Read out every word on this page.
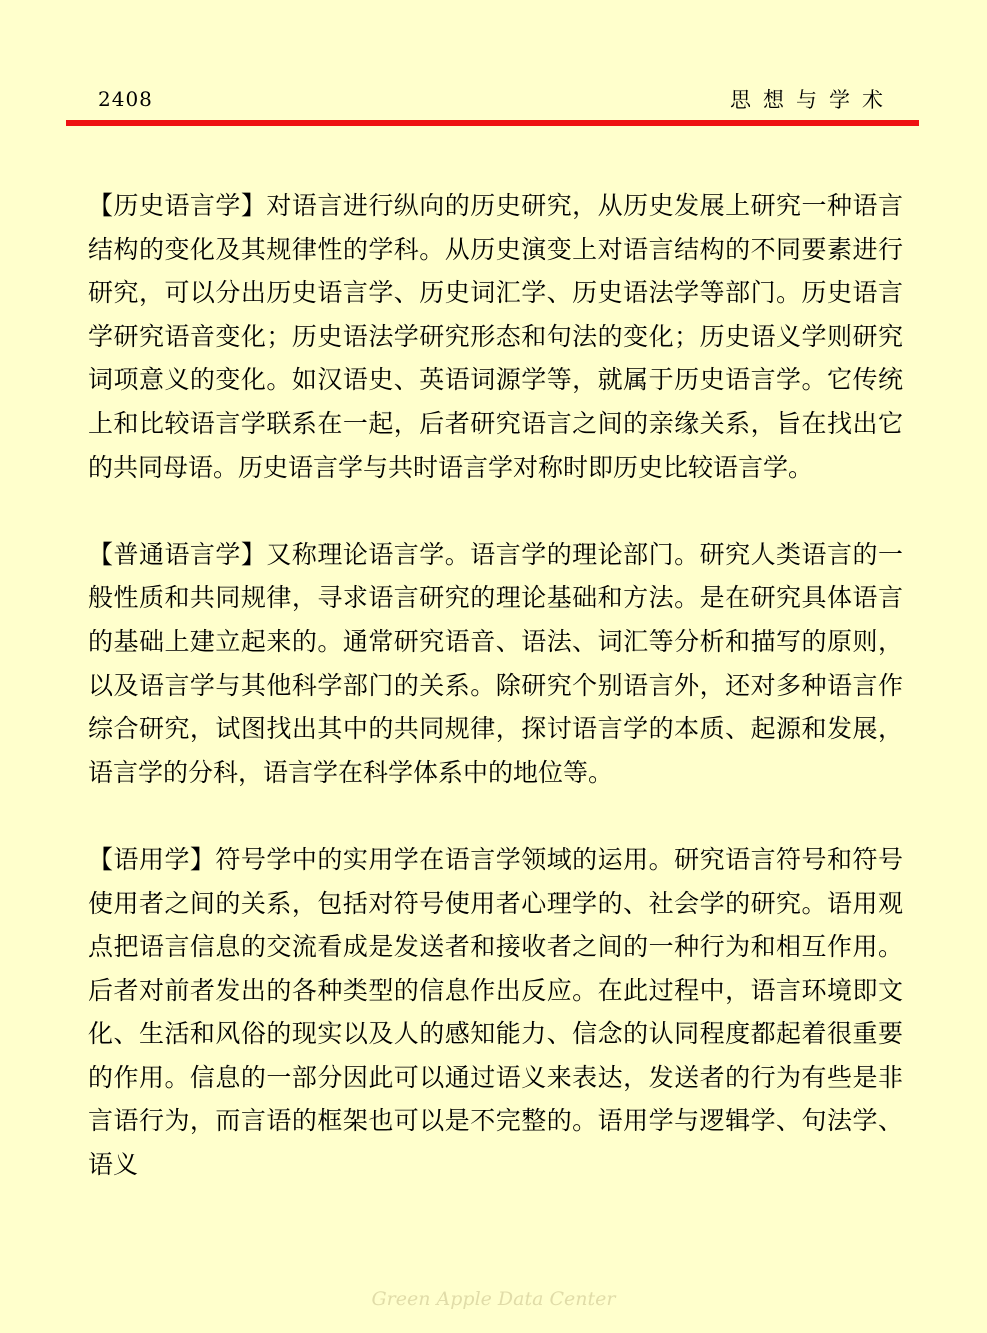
2408	思想与学术

【历史语言学】对语言进行纵向的历史研究，从历史发展上研究一种语言结构的变化及其规律性的学科。从历史演变上对语言结构的不同要素进行研究，可以分出历史语言学、历史词汇学、历史语法学等部门。历史语言学研究语音变化；历史语法学研究形态和句法的变化；历史语义学则研究词项意义的变化。如汉语史、英语词源学等，就属于历史语言学。它传统上和比较语言学联系在一起，后者研究语言之间的亲缘关系，旨在找出它的共同母语。历史语言学与共时语言学对称时即历史比较语言学。

【普通语言学】又称理论语言学。语言学的理论部门。研究人类语言的一般性质和共同规律，寻求语言研究的理论基础和方法。是在研究具体语言的基础上建立起来的。通常研究语音、语法、词汇等分析和描写的原则，以及语言学与其他科学部门的关系。除研究个别语言外，还对多种语言作综合研究，试图找出其中的共同规律，探讨语言学的本质、起源和发展，语言学的分科，语言学在科学体系中的地位等。

【语用学】符号学中的实用学在语言学领域的运用。研究语言符号和符号使用者之间的关系，包括对符号使用者心理学的、社会学的研究。语用观点把语言信息的交流看成是发送者和接收者之间的一种行为和相互作用。后者对前者发出的各种类型的信息作出反应。在此过程中，语言环境即文化、生活和风俗的现实以及人的感知能力、信念的认同程度都起着很重要的作用。信息的一部分因此可以通过语义来表达，发送者的行为有些是非言语行为，而言语的框架也可以是不完整的。语用学与逻辑学、句法学、语义

Green Apple Data Center
